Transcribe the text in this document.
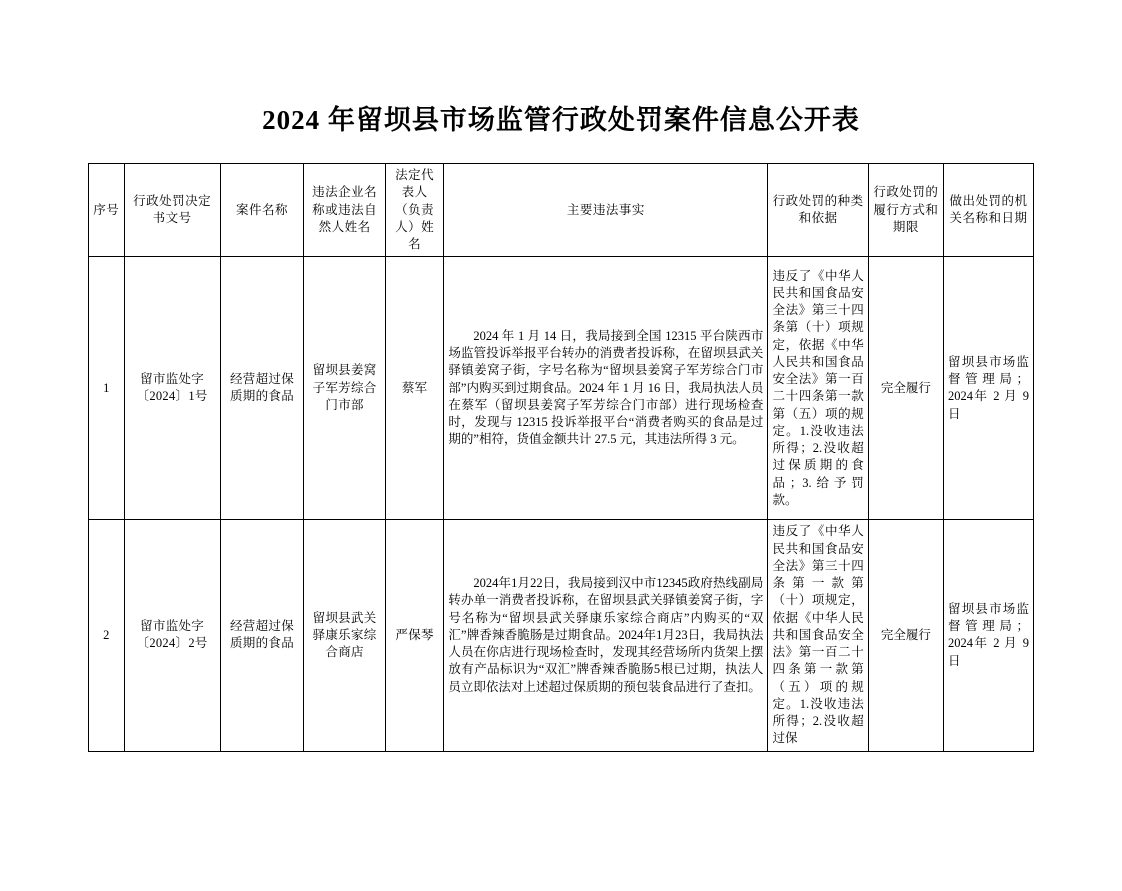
2024 年留坝县市场监管行政处罚案件信息公开表
序号	行政处罚决定书文号	案件名称	违法企业名称或违法自然人姓名	法定代表人（负责人）姓名	主要违法事实	行政处罚的种类和依据	行政处罚的履行方式和期限	做出处罚的机关名称和日期
1	留市监处字〔2024〕1号	经营超过保质期的食品	留坝县姜窝子军芳综合门市部	蔡军	2024 年 1 月 14 日，我局接到全国 12315 平台陕西市场监管投诉举报平台转办的消费者投诉称，在留坝县武关驿镇姜窝子街，字号名称为“留坝县姜窝子军芳综合门市部”内购买到过期食品。2024 年 1 月 16 日，我局执法人员在蔡军（留坝县姜窝子军芳综合门市部）进行现场检查时，发现与 12315 投诉举报平台“消费者购买的食品是过期的”相符，货值金额共计 27.5 元，其违法所得 3 元。	违反了《中华人民共和国食品安全法》第三十四条第（十）项规定，依据《中华人民共和国食品安全法》第一百二十四条第一款第（五）项的规定。1.没收违法所得；2.没收超过保质期的食品；3.给予罚款。	完全履行	留坝县市场监督管理局；2024年 2 月 9 日
2	留市监处字〔2024〕2号	经营超过保质期的食品	留坝县武关驿康乐家综合商店	严保琴	2024年1月22日，我局接到汉中市12345政府热线副局转办单一消费者投诉称，在留坝县武关驿镇姜窝子街，字号名称为“留坝县武关驿康乐家综合商店”内购买的“双汇”牌香辣香脆肠是过期食品。2024年1月23日，我局执法人员在你店进行现场检查时，发现其经营场所内货架上摆放有产品标识为“双汇”牌香辣香脆肠5根已过期，执法人员立即依法对上述超过保质期的预包装食品进行了查扣。	违反了《中华人民共和国食品安全法》第三十四条第一款第（十）项规定，依据《中华人民共和国食品安全法》第一百二十四条第一款第（五）项的规定。1.没收违法所得；2.没收超过保	完全履行	留坝县市场监督管理局；2024年 2 月 9 日
